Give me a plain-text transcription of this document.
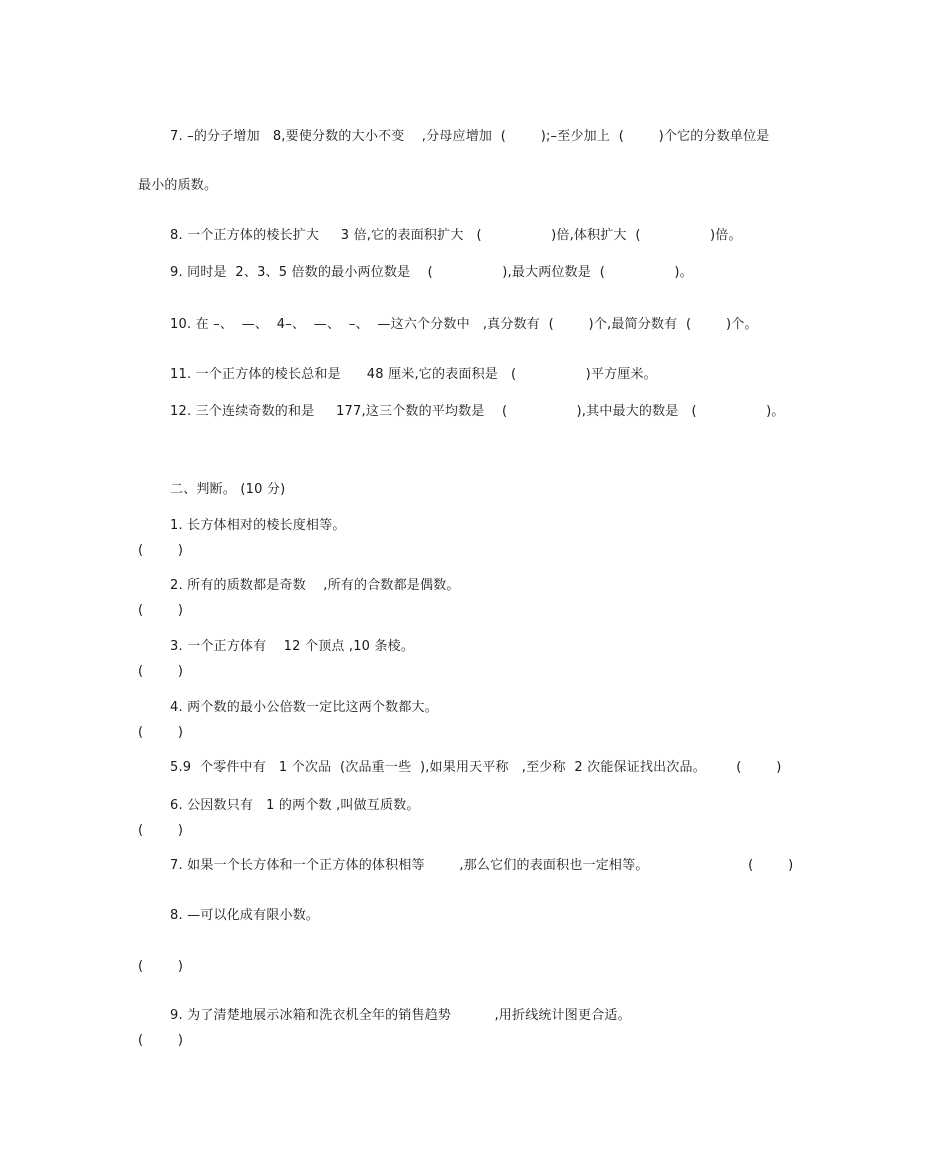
7. –的分子增加   8,要使分数的大小不变    ,分母应增加  (        );–至少加上  (        )个它的分数单位是
最小的质数。
8. 一个正方体的棱长扩大     3 倍,它的表面积扩大   (                )倍,体积扩大  (                )倍。
9. 同时是  2、3、5 倍数的最小两位数是    (                ),最大两位数是  (                )。
10. 在 –、  —、  4–、  —、  –、  —这六个分数中   ,真分数有  (        )个,最简分数有  (        )个。
11. 一个正方体的棱长总和是      48 厘米,它的表面积是   (                )平方厘米。
12. 三个连续奇数的和是     177,这三个数的平均数是    (                ),其中最大的数是   (                )。
二、判断。 (10 分)
1. 长方体相对的棱长度相等。
(        )
2. 所有的质数都是奇数    ,所有的合数都是偶数。
(        )
3. 一个正方体有    12 个顶点 ,10 条棱。
(        )
4. 两个数的最小公倍数一定比这两个数都大。
(        )
5.9  个零件中有   1 个次品  (次品重一些  ),如果用天平称   ,至少称  2 次能保证找出次品。       (        )
6. 公因数只有   1 的两个数 ,叫做互质数。
(        )
7. 如果一个长方体和一个正方体的体积相等        ,那么它们的表面积也一定相等。                       (        )
8. —可以化成有限小数。
(        )
9. 为了清楚地展示冰箱和洗衣机全年的销售趋势          ,用折线统计图更合适。
(        )
